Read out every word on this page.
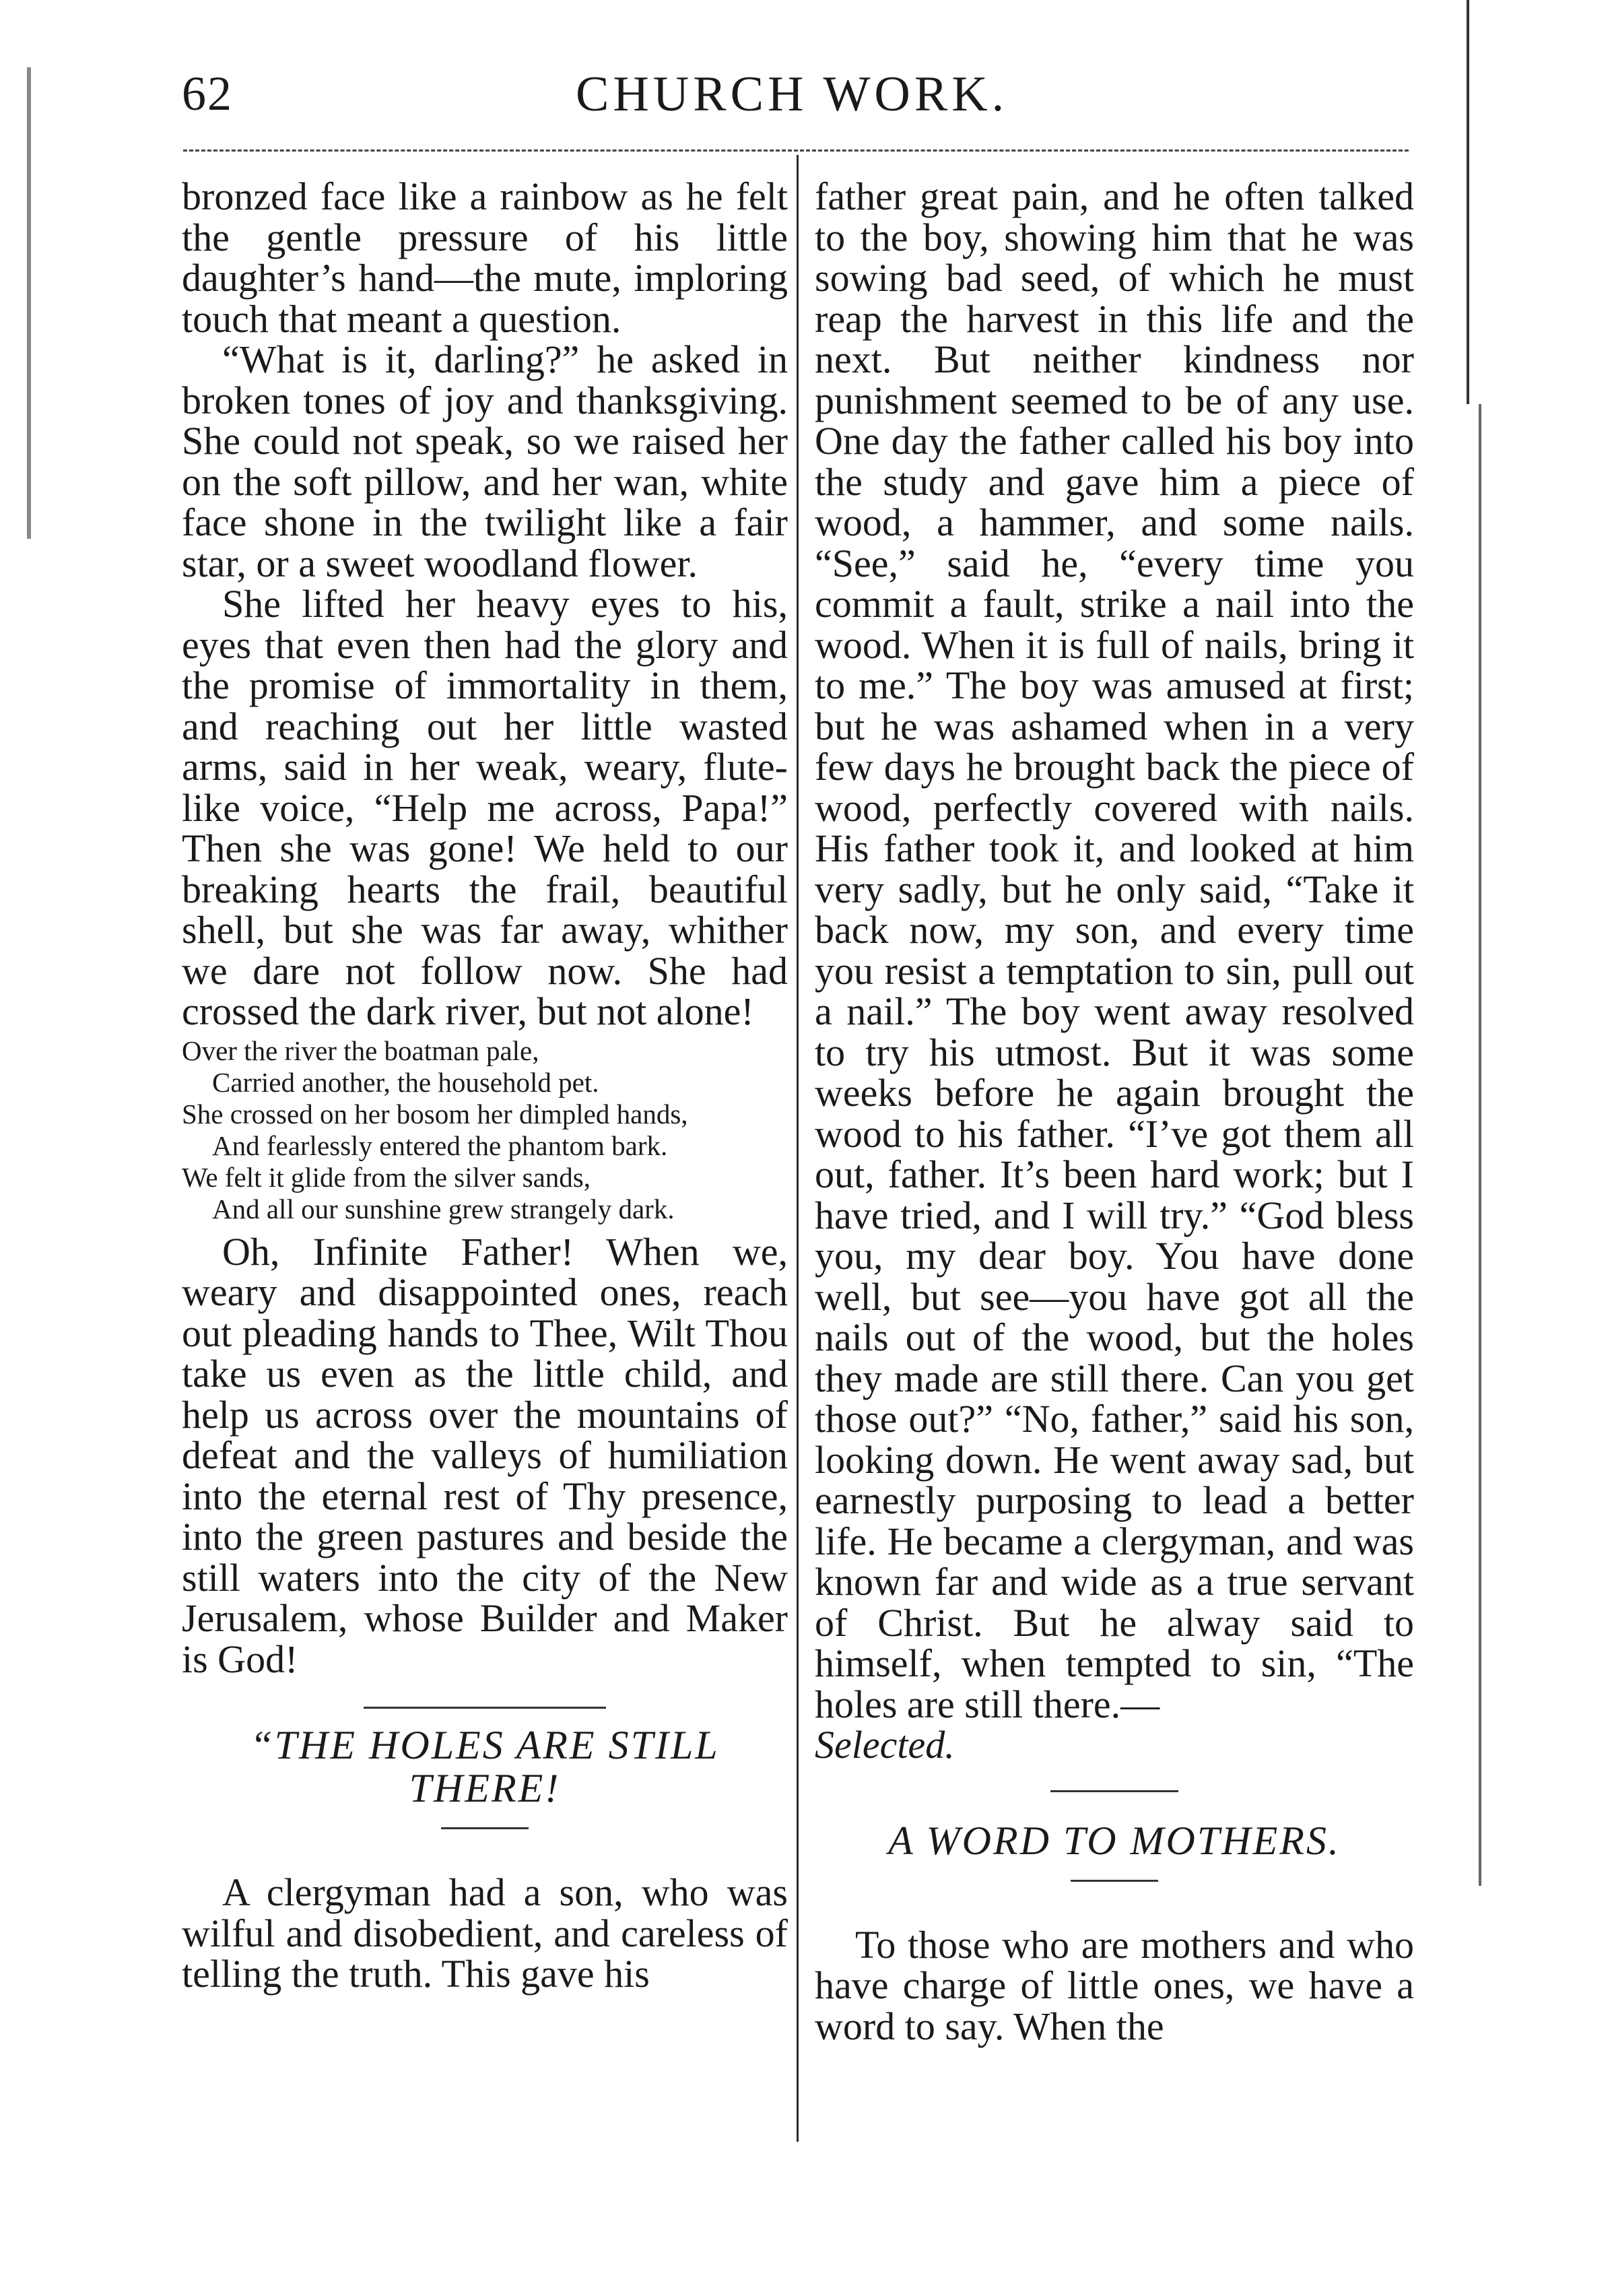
62	CHURCH WORK.

bronzed face like a rainbow as he felt the gentle pressure of his little daughter’s hand—the mute, imploring touch that meant a question.

“What is it, darling?” he asked in broken tones of joy and thanksgiving. She could not speak, so we raised her on the soft pillow, and her wan, white face shone in the twilight like a fair star, or a sweet woodland flower.

She lifted her heavy eyes to his, eyes that even then had the glory and the promise of immortality in them, and reaching out her little wasted arms, said in her weak, weary, flute-like voice, “Help me across, Papa!” Then she was gone! We held to our breaking hearts the frail, beautiful shell, but she was far away, whither we dare not follow now. She had crossed the dark river, but not alone!

Over the river the boatman pale,
Carried another, the household pet.
She crossed on her bosom her dimpled hands,
And fearlessly entered the phantom bark.
We felt it glide from the silver sands,
And all our sunshine grew strangely dark.

Oh, Infinite Father! When we, weary and disappointed ones, reach out pleading hands to Thee, Wilt Thou take us even as the little child, and help us across over the mountains of defeat and the valleys of humiliation into the eternal rest of Thy presence, into the green pastures and beside the still waters into the city of the New Jerusalem, whose Builder and Maker is God!

“THE HOLES ARE STILL THERE!

A clergyman had a son, who was wilful and disobedient, and careless of telling the truth. This gave his

father great pain, and he often talked to the boy, showing him that he was sowing bad seed, of which he must reap the harvest in this life and the next. But neither kindness nor punishment seemed to be of any use. One day the father called his boy into the study and gave him a piece of wood, a hammer, and some nails. “See,” said he, “every time you commit a fault, strike a nail into the wood. When it is full of nails, bring it to me.” The boy was amused at first; but he was ashamed when in a very few days he brought back the piece of wood, perfectly covered with nails. His father took it, and looked at him very sadly, but he only said, “Take it back now, my son, and every time you resist a temptation to sin, pull out a nail.” The boy went away resolved to try his utmost. But it was some weeks before he again brought the wood to his father. “I’ve got them all out, father. It’s been hard work; but I have tried, and I will try.” “God bless you, my dear boy. You have done well, but see—you have got all the nails out of the wood, but the holes they made are still there. Can you get those out?” “No, father,” said his son, looking down. He went away sad, but earnestly purposing to lead a better life. He became a clergyman, and was known far and wide as a true servant of Christ. But he alway said to himself, when tempted to sin, “The holes are still there.—

Selected.

A WORD TO MOTHERS.

To those who are mothers and who have charge of little ones, we have a word to say. When the
